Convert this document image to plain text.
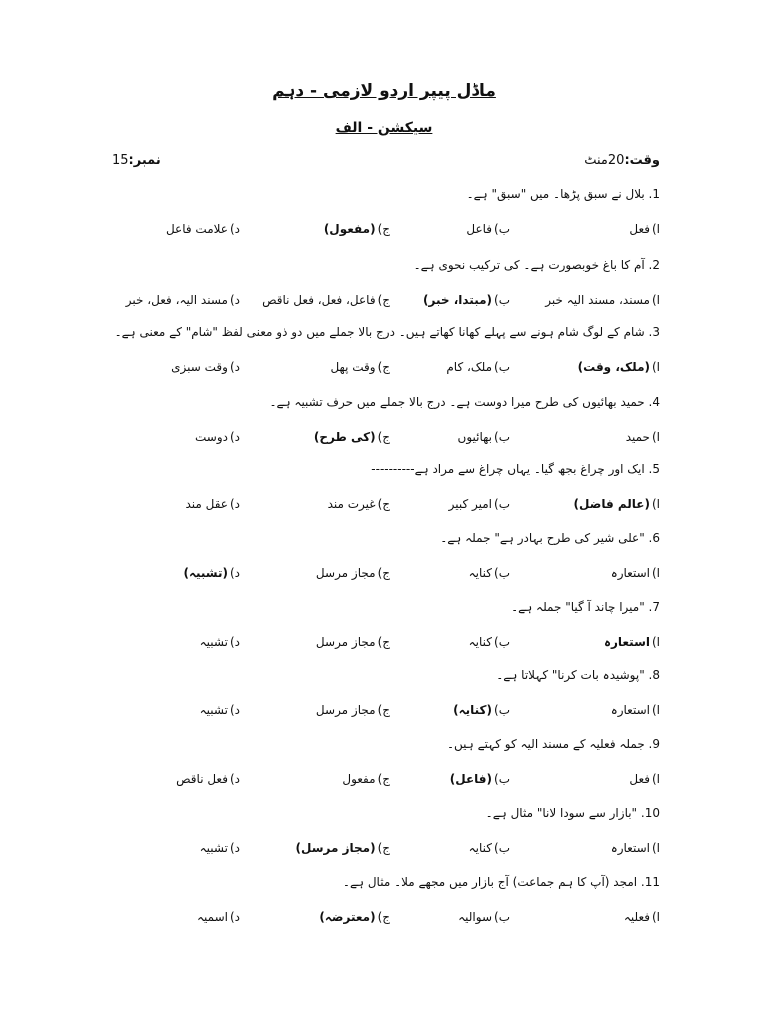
ماڈل پیپر اردو لازمی - دہم
سیکشن - الف
وقت:20منٹ
نمبر:15
1. بلال نے سبق پڑھا۔ میں "سبق" ہے۔
ا)فعل
ب)فاعل
ج)(مفعول)
د)علامت فاعل
2. آم کا باغ خوبصورت ہے۔ کی ترکیب نحوی ہے۔
ا)مسند، مسند الیہ خبر
ب)(مبتدا، خبر)
ج)فاعل، فعل، فعل ناقص
د)مسند الیہ، فعل، خبر
3. شام کے لوگ شام ہونے سے پہلے کھانا کھاتے ہیں۔ درج بالا جملے میں دو ذو معنی لفظ "شام" کے معنی ہے۔
ا)(ملک، وقت)
ب)ملک، کام
ج)وقت پھل
د)وقت سبزی
4. حمید بھائیوں کی طرح میرا دوست ہے۔ درج بالا جملے میں حرف تشبیہ ہے۔
ا)حمید
ب)بھائیوں
ج)(کی طرح)
د)دوست
5. ایک اور چراغ بجھ گیا۔ یہاں چراغ سے مراد ہے----------
ا)(عالم فاضل)
ب)امیر کبیر
ج)غیرت مند
د)عقل مند
6. "علی شیر کی طرح بہادر ہے" جملہ ہے۔
ا)استعارہ
ب)کنایہ
ج)مجاز مرسل
د)(تشبیہ)
7. "میرا چاند آ گیا" جملہ ہے۔
ا)استعارہ
ب)کنایہ
ج)مجاز مرسل
د)تشبیہ
8. "پوشیدہ بات کرنا" کہلاتا ہے۔
ا)استعارہ
ب)(کنایہ)
ج)مجاز مرسل
د)تشبیہ
9. جملہ فعلیہ کے مسند الیہ کو کہتے ہیں۔
ا)فعل
ب)(فاعل)
ج)مفعول
د)فعل ناقص
10. "بازار سے سودا لانا" مثال ہے۔
ا)استعارہ
ب)کنایہ
ج)(مجاز مرسل)
د)تشبیہ
11. امجد (آپ کا ہم جماعت) آج بازار میں مجھے ملا۔ مثال ہے۔
ا)فعلیہ
ب)سوالیہ
ج)(معترضہ)
د)اسمیہ
